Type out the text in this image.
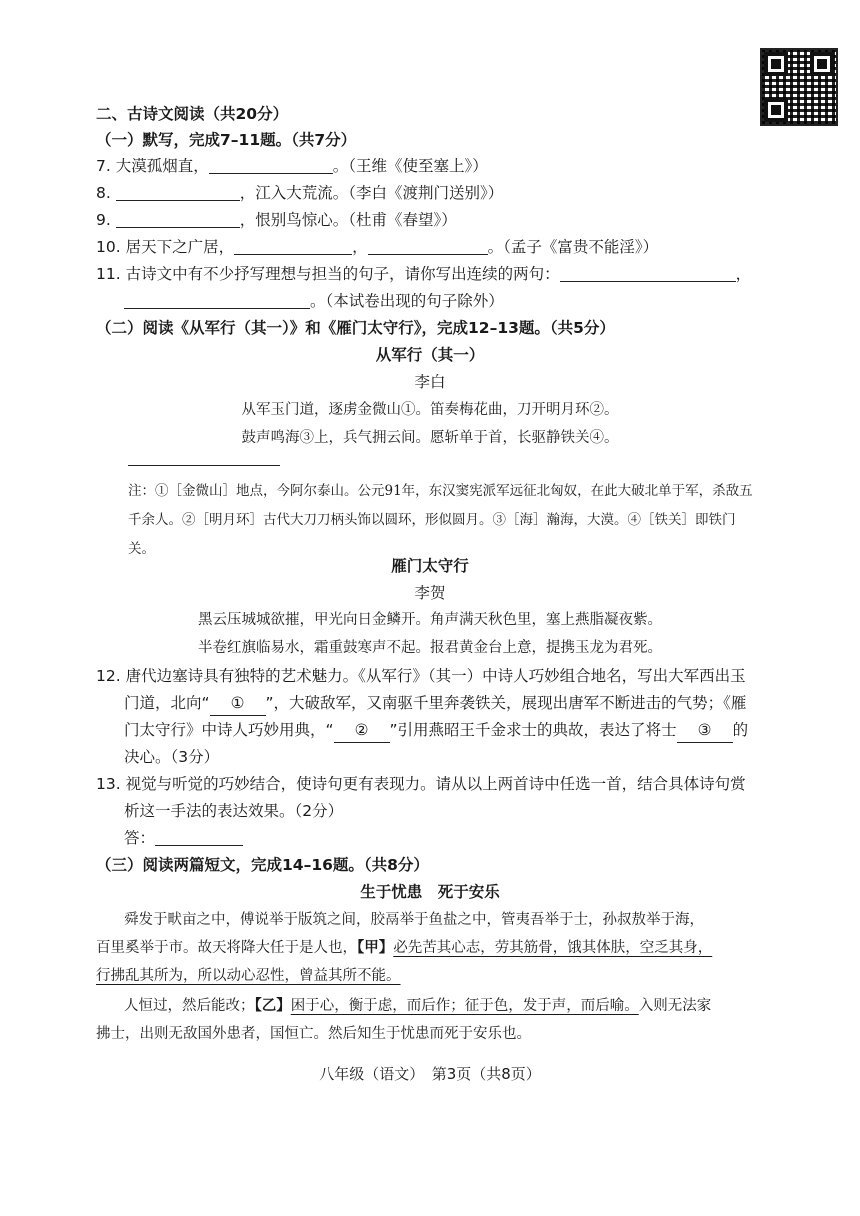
二、古诗文阅读（共20分）
（一）默写，完成7–11题。（共7分）
7. 大漠孤烟直，	。（王维《使至塞上》）
8.	，江入大荒流。（李白《渡荆门送别》）
9.	，恨别鸟惊心。（杜甫《春望》）
10. 居天下之广居，	，	。（孟子《富贵不能淫》）
11. 古诗文中有不少抒写理想与担当的句子，请你写出连续的两句：	，
。（本试卷出现的句子除外）
（二）阅读《从军行（其一）》和《雁门太守行》，完成12–13题。（共5分）
从军行（其一）
李白
从军玉门道，逐虏金微山①。笛奏梅花曲，刀开明月环②。
鼓声鸣海③上，兵气拥云间。愿斩单于首，长驱静铁关④。
注：①［金微山］地点，今阿尔泰山。公元91年，东汉窦宪派军远征北匈奴，在此大破北单于军，杀敌五千余人。②［明月环］古代大刀刀柄头饰以圆环，形似圆月。③［海］瀚海，大漠。④［铁关］即铁门关。
雁门太守行
李贺
黑云压城城欲摧，甲光向日金鳞开。角声满天秋色里，塞上燕脂凝夜紫。
半卷红旗临易水，霜重鼓寒声不起。报君黄金台上意，提携玉龙为君死。
12. 唐代边塞诗具有独特的艺术魅力。《从军行》（其一）中诗人巧妙组合地名，写出大军西出玉
门道，北向“ ① ”，大破敌军，又南驱千里奔袭铁关，展现出唐军不断进击的气势；《雁
门太守行》中诗人巧妙用典，“ ② ”引用燕昭王千金求士的典故，表达了将士 ③ 的
决心。（3分）
13. 视觉与听觉的巧妙结合，使诗句更有表现力。请从以上两首诗中任选一首，结合具体诗句赏
析这一手法的表达效果。（2分）
答：
（三）阅读两篇短文，完成14–16题。（共8分）
生于忧患　死于安乐
舜发于畎亩之中，傅说举于版筑之间，胶鬲举于鱼盐之中，管夷吾举于士，孙叔敖举于海，
百里奚举于市。故天将降大任于是人也，【甲】必先苦其心志，劳其筋骨，饿其体肤，空乏其身，
行拂乱其所为，所以动心忍性，曾益其所不能。
人恒过，然后能改；【乙】困于心，衡于虑，而后作；征于色，发于声，而后喻。入则无法家
拂士，出则无敌国外患者，国恒亡。然后知生于忧患而死于安乐也。
八年级（语文）　第3页（共8页）
